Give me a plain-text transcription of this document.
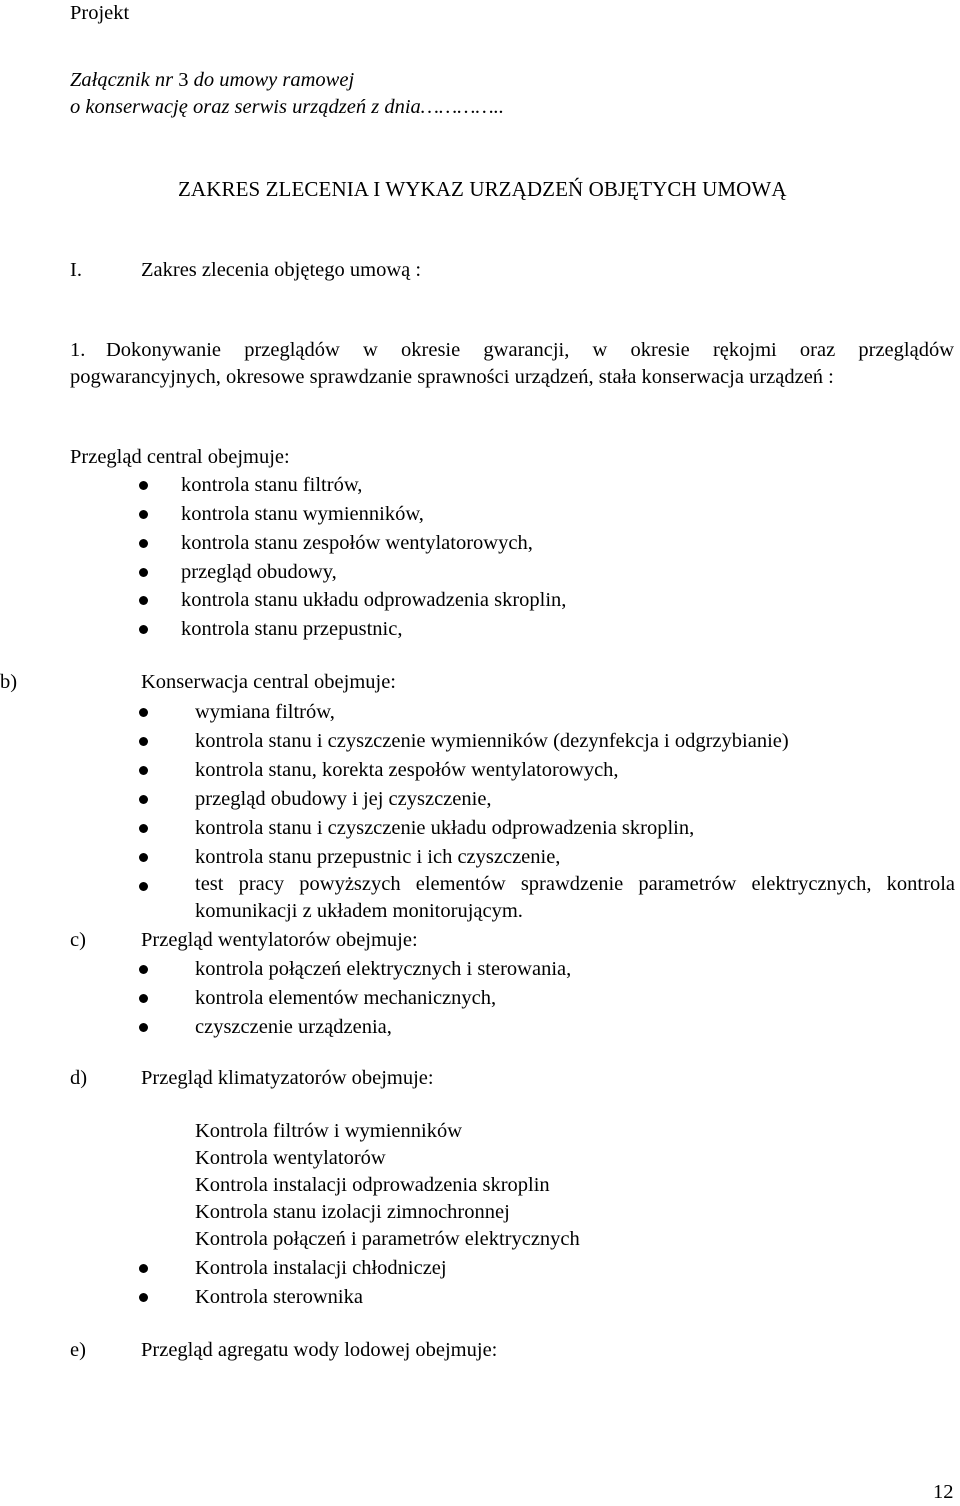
Projekt
Załącznik nr 3 do umowy ramowej
o konserwację oraz serwis urządzeń z dnia…………..
ZAKRES ZLECENIA I WYKAZ URZĄDZEŃ OBJĘTYCH UMOWĄ
I.	Zakres zlecenia objętego umową :
1. Dokonywanie przeglądów w okresie gwarancji, w okresie rękojmi oraz przeglądów
pogwarancyjnych, okresowe sprawdzanie sprawności urządzeń, stała konserwacja urządzeń :
Przegląd central obejmuje:
kontrola stanu filtrów,
kontrola stanu wymienników,
kontrola stanu zespołów wentylatorowych,
przegląd obudowy,
kontrola stanu układu odprowadzenia skroplin,
kontrola stanu przepustnic,
b)	Konserwacja central obejmuje:
wymiana filtrów,
kontrola stanu i czyszczenie wymienników (dezynfekcja i odgrzybianie)
kontrola stanu, korekta zespołów wentylatorowych,
przegląd obudowy i jej czyszczenie,
kontrola stanu i czyszczenie układu odprowadzenia skroplin,
kontrola stanu przepustnic i ich czyszczenie,
test pracy powyższych elementów sprawdzenie parametrów elektrycznych, kontrola komunikacji z układem monitorującym.
c)	Przegląd wentylatorów obejmuje:
kontrola połączeń elektrycznych i sterowania,
kontrola elementów mechanicznych,
czyszczenie urządzenia,
d)	Przegląd klimatyzatorów obejmuje:
Kontrola filtrów i wymienników
Kontrola wentylatorów
Kontrola instalacji odprowadzenia skroplin
Kontrola stanu izolacji zimnochronnej
Kontrola połączeń i parametrów elektrycznych
Kontrola instalacji chłodniczej
Kontrola sterownika
e)	Przegląd agregatu wody lodowej obejmuje:
12
